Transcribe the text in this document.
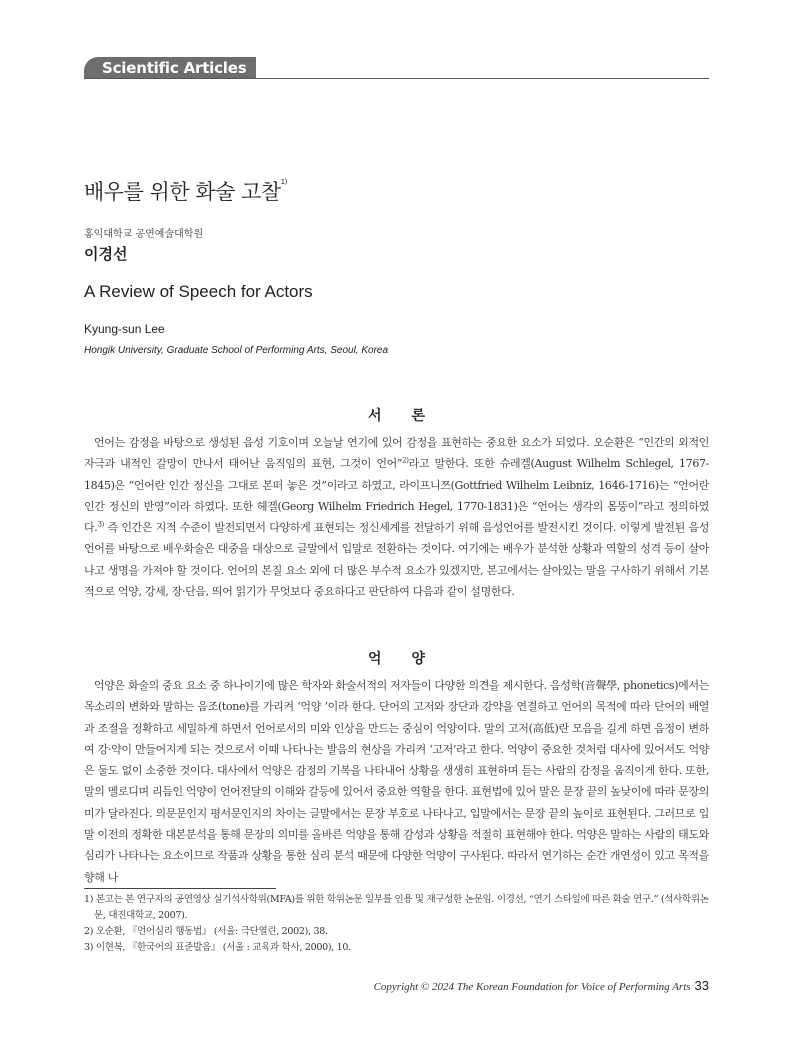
Scientific Articles
배우를 위한 화술 고찰$^{1)}$
홍익대학교 공연예술대학원
이경선
A Review of Speech for Actors
Kyung-sun Lee
Hongik University, Graduate School of Performing Arts, Seoul, Korea
서론
언어는 감정을 바탕으로 생성된 음성 기호이며 오늘날 연기에 있어 감정을 표현하는 중요한 요소가 되었다. 오순환은 “인간의 외적인 자극과 내적인 갈망이 만나서 태어난 움직임의 표현, 그것이 언어”$^{2)}$라고 말한다. 또한 슈레겔(August Wilhelm Schlegel, 1767-1845)은 “언어란 인간 정신을 그대로 본떠 놓은 것”이라고 하였고, 라이프니쯔(Gottfried Wilhelm Leibniz, 1646-1716)는 “언어란 인간 정신의 반영”이라 하였다. 또한 헤겔(Georg Wilhelm Friedrich Hegel, 1770-1831)은 “언어는 생각의 몸뚱이”라고 정의하였다.$^{3)}$ 즉 인간은 지적 수준이 발전되면서 다양하게 표현되는 정신세계를 전달하기 위해 음성언어를 발전시킨 것이다. 이렇게 발전된 음성언어를 바탕으로 배우화술은 대중을 대상으로 글말에서 입말로 전환하는 것이다. 여기에는 배우가 분석한 상황과 역할의 성격 등이 살아나고 생명을 가져야 할 것이다. 언어의 본질 요소 외에 더 많은 부수적 요소가 있겠지만, 본고에서는 살아있는 말을 구사하기 위해서 기본적으로 억양, 강세, 장·단음, 띄어 읽기가 무엇보다 중요하다고 판단하여 다음과 같이 설명한다.
억양
억양은 화술의 중요 요소 중 하나이기에 많은 학자와 화술서적의 저자들이 다양한 의견을 제시한다. 음성학(音聲學, phonetics)에서는 목소리의 변화와 말하는 음조(tone)를 가리켜 ‘억양 ’이라 한다. 단어의 고저와 장단과 강약을 연결하고 언어의 목적에 따라 단어의 배열과 조절을 정확하고 세밀하게 하면서 언어로서의 미와 인상을 만드는 중심이 억양이다. 말의 고저(高低)란 모음을 길게 하면 음정이 변하여 강·약이 만들어지게 되는 것으로서 이때 나타나는 발음의 현상을 가리켜 ‘고저’라고 한다. 억양이 중요한 것처럼 대사에 있어서도 억양은 둘도 없이 소중한 것이다. 대사에서 억양은 감정의 기복을 나타내어 상황을 생생히 표현하며 듣는 사람의 감정을 움직이게 한다. 또한, 말의 멜로디며 리듬인 억양이 언어전달의 이해와 갈등에 있어서 중요한 역할을 한다. 표현법에 있어 말은 문장 끝의 높낮이에 따라 문장의미가 달라진다. 의문문인지 평서문인지의 차이는 글말에서는 문장 부호로 나타나고, 입말에서는 문장 끝의 높이로 표현된다. 그러므로 입말 이전의 정확한 대본분석을 통해 문장의 의미를 올바른 억양을 통해 감성과 상황을 적절히 표현해야 한다. 억양은 말하는 사람의 태도와 심리가 나타나는 요소이므로 작품과 상황을 통한 심리 분석 때문에 다양한 억양이 구사된다. 따라서 연기하는 순간 개연성이 있고 목적을 향해 나
1) 본고는 본 연구자의 공연영상 실기석사학위(MFA)를 위한 학위논문 일부를 인용 및 재구성한 논문임. 이경선, “연기 스타일에 따른 화술 연구.” (석사학위논문, 대진대학교, 2007).
2) 오순환, 『언어심리 행동법』 (서울: 극단열린, 2002), 38.
3) 이현복, 『한국어의 표준발음』 (서울 : 교육과 학사, 2000), 10.
Copyright © 2024 The Korean Foundation for Voice of Performing Arts 33
